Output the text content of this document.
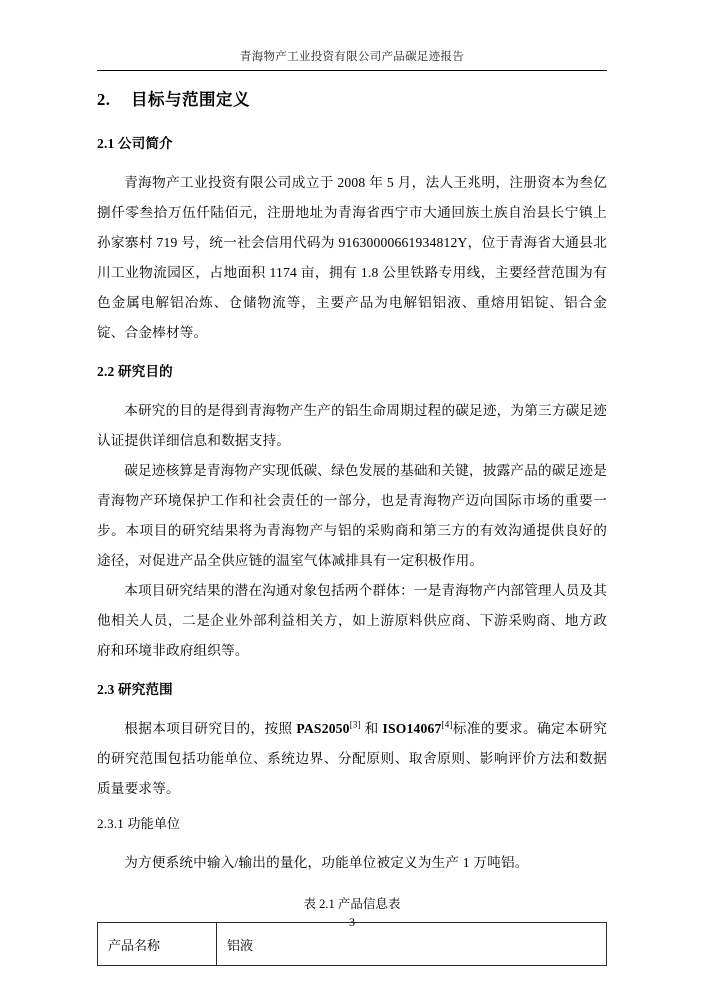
青海物产工业投资有限公司产品碳足迹报告
2. 目标与范围定义
2.1 公司简介

青海物产工业投资有限公司成立于 2008 年 5 月，法人王兆明，注册资本为叁亿捌仟零叁拾万伍仟陆佰元，注册地址为青海省西宁市大通回族土族自治县长宁镇上孙家寨村 719 号，统一社会信用代码为 91630000661934812Y，位于青海省大通县北川工业物流园区，占地面积 1174 亩，拥有 1.8 公里铁路专用线，主要经营范围为有色金属电解铝冶炼、仓储物流等，主要产品为电解铝铝液、重熔用铝锭、铝合金锭、合金棒材等。

2.2 研究目的

本研究的目的是得到青海物产生产的铝生命周期过程的碳足迹，为第三方碳足迹认证提供详细信息和数据支持。

碳足迹核算是青海物产实现低碳、绿色发展的基础和关键，披露产品的碳足迹是青海物产环境保护工作和社会责任的一部分，也是青海物产迈向国际市场的重要一步。本项目的研究结果将为青海物产与铝的采购商和第三方的有效沟通提供良好的途径，对促进产品全供应链的温室气体减排具有一定积极作用。

本项目研究结果的潜在沟通对象包括两个群体：一是青海物产内部管理人员及其他相关人员，二是企业外部利益相关方，如上游原料供应商、下游采购商、地方政府和环境非政府组织等。

2.3 研究范围

根据本项目研究目的，按照 PAS2050[3] 和 ISO14067[4]标准的要求。确定本研究的研究范围包括功能单位、系统边界、分配原则、取舍原则、影响评价方法和数据质量要求等。

2.3.1 功能单位

为方便系统中输入/输出的量化，功能单位被定义为生产 1 万吨铝。

表 2.1 产品信息表

产品名称	铝液
3
